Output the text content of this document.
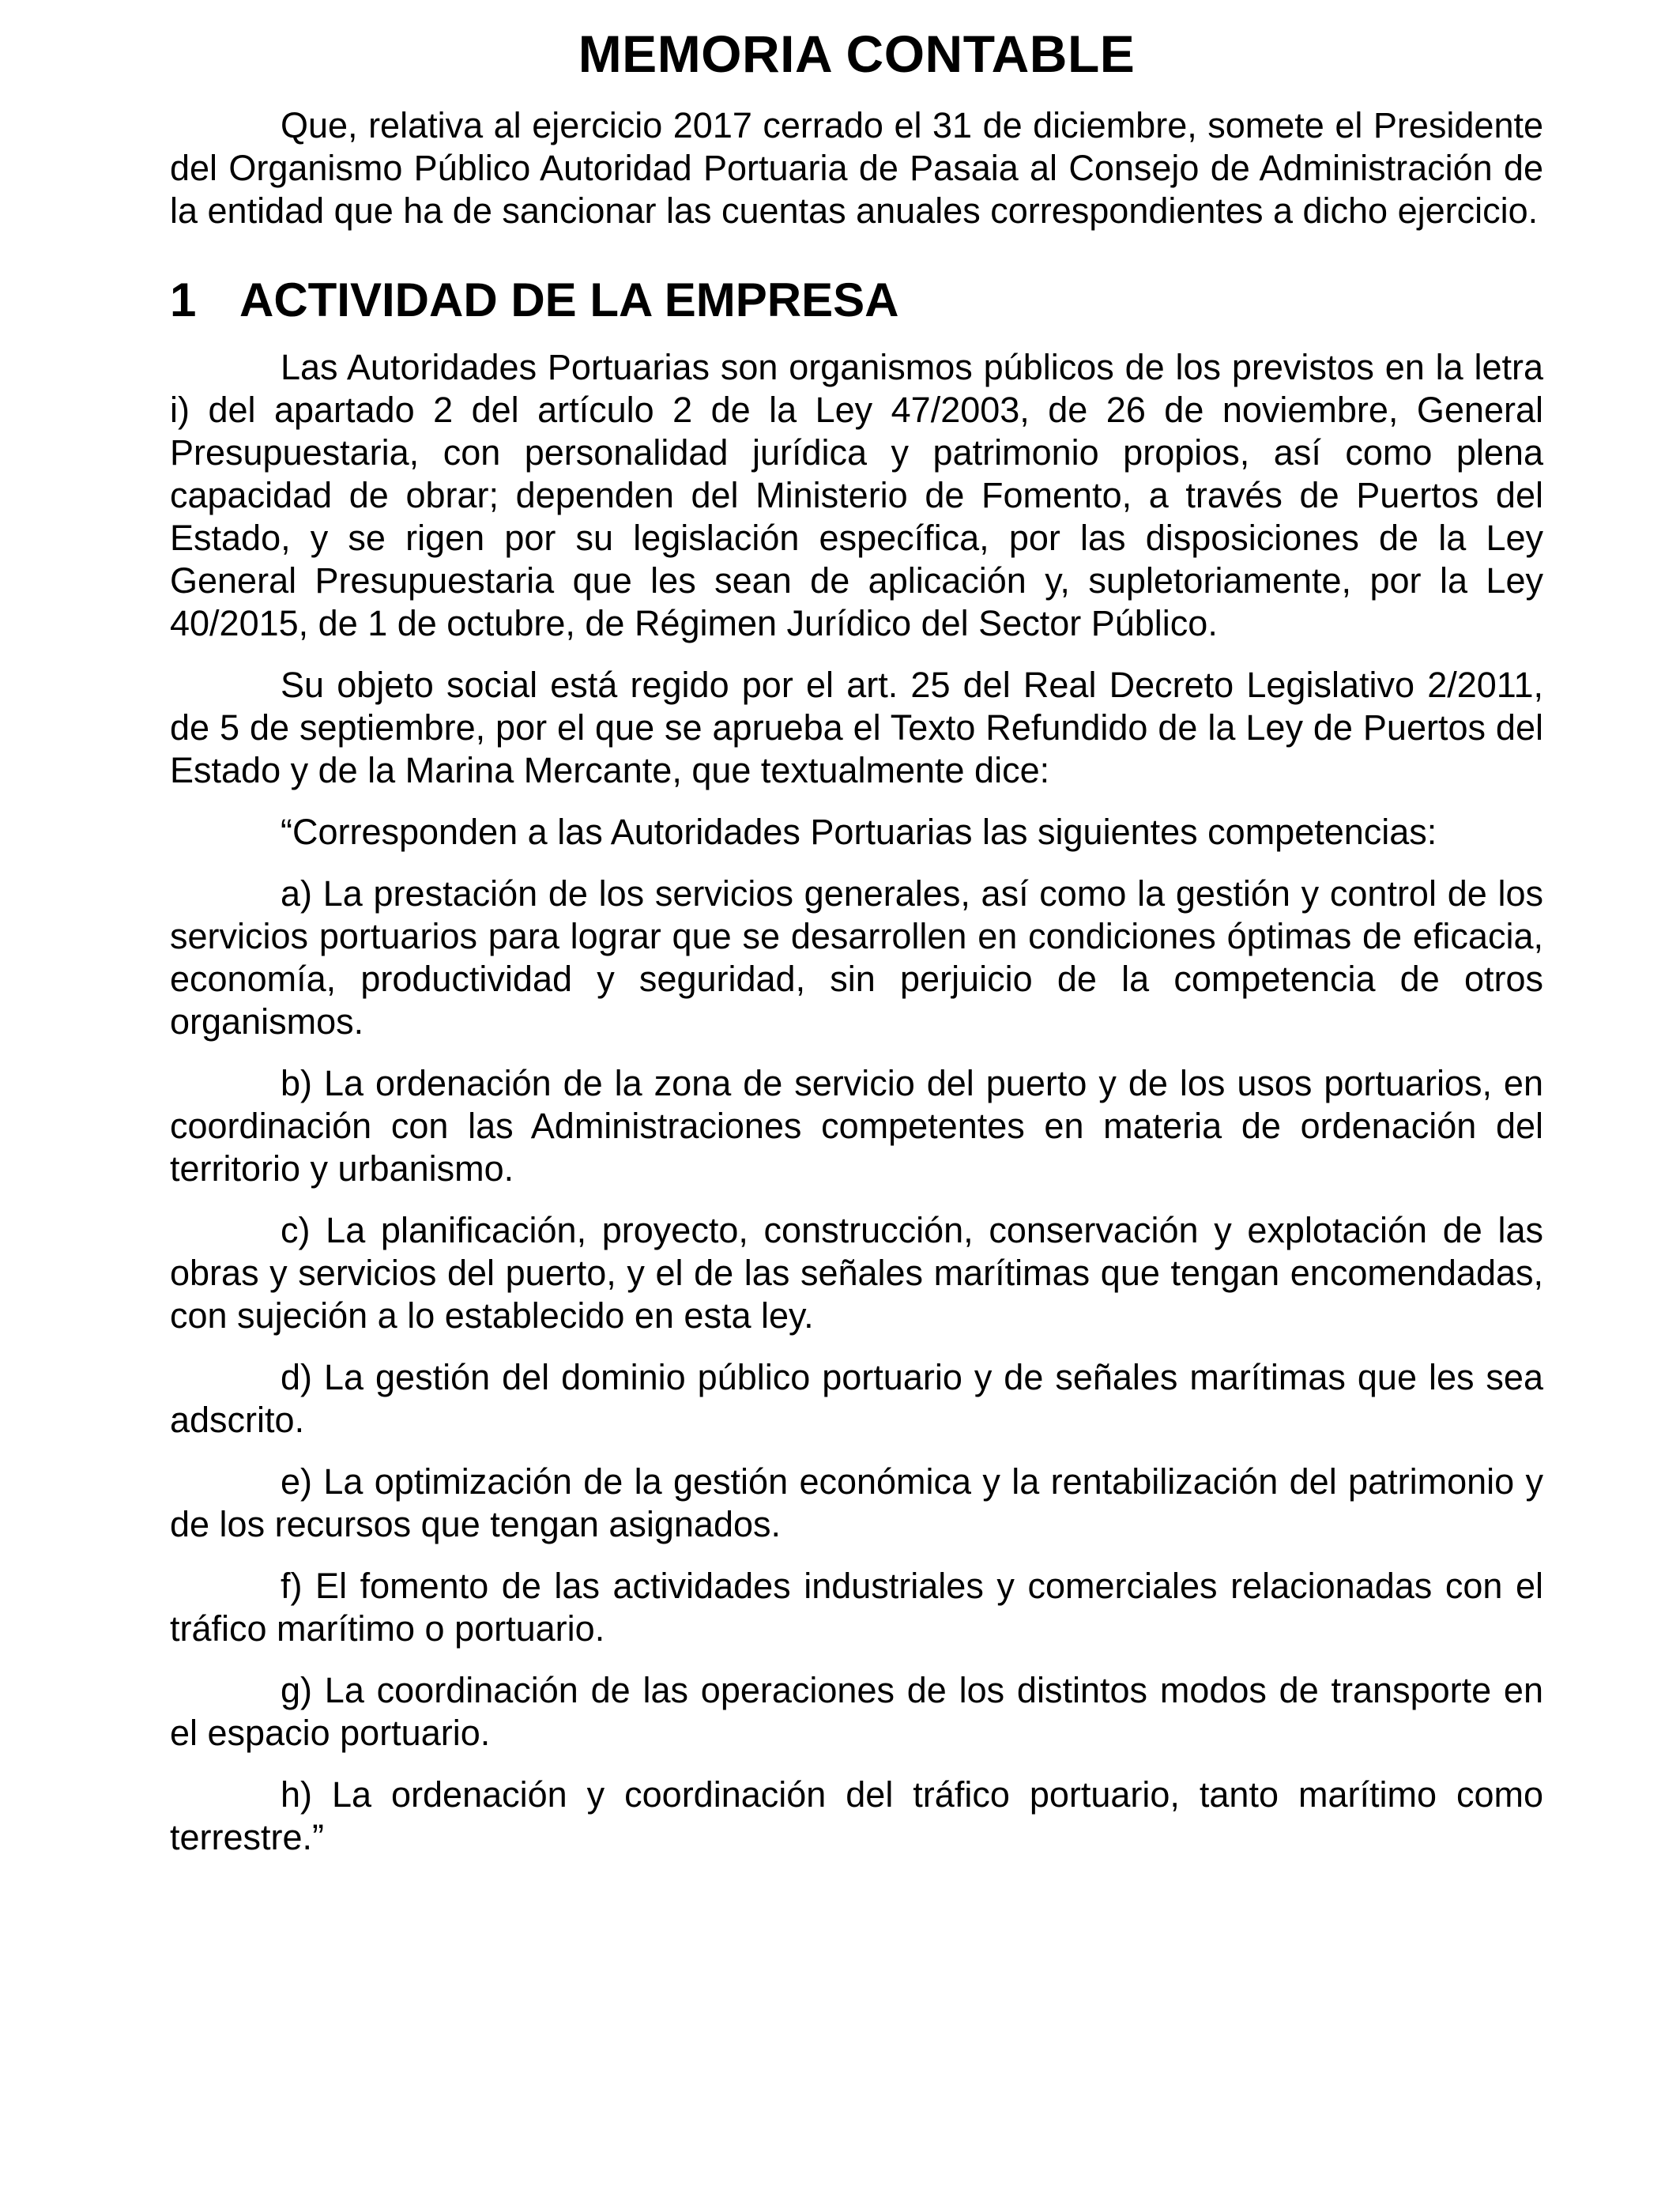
MEMORIA CONTABLE

Que, relativa al ejercicio 2017 cerrado el 31 de diciembre, somete el Presidente del Organismo Público Autoridad Portuaria de Pasaia al Consejo de Administración de la entidad que ha de sancionar las cuentas anuales correspondientes a dicho ejercicio.

1 ACTIVIDAD DE LA EMPRESA

Las Autoridades Portuarias son organismos públicos de los previstos en la letra i) del apartado 2 del artículo 2 de la Ley 47/2003, de 26 de noviembre, General Presupuestaria, con personalidad jurídica y patrimonio propios, así como plena capacidad de obrar; dependen del Ministerio de Fomento, a través de Puertos del Estado, y se rigen por su legislación específica, por las disposiciones de la Ley General Presupuestaria que les sean de aplicación y, supletoriamente, por la Ley 40/2015, de 1 de octubre, de Régimen Jurídico del Sector Público.

Su objeto social está regido por el art. 25 del Real Decreto Legislativo 2/2011, de 5 de septiembre, por el que se aprueba el Texto Refundido de la Ley de Puertos del Estado y de la Marina Mercante, que textualmente dice:

“Corresponden a las Autoridades Portuarias las siguientes competencias:

a) La prestación de los servicios generales, así como la gestión y control de los servicios portuarios para lograr que se desarrollen en condiciones óptimas de eficacia, economía, productividad y seguridad, sin perjuicio de la competencia de otros organismos.

b) La ordenación de la zona de servicio del puerto y de los usos portuarios, en coordinación con las Administraciones competentes en materia de ordenación del territorio y urbanismo.

c) La planificación, proyecto, construcción, conservación y explotación de las obras y servicios del puerto, y el de las señales marítimas que tengan encomendadas, con sujeción a lo establecido en esta ley.

d) La gestión del dominio público portuario y de señales marítimas que les sea adscrito.

e) La optimización de la gestión económica y la rentabilización del patrimonio y de los recursos que tengan asignados.

f) El fomento de las actividades industriales y comerciales relacionadas con el tráfico marítimo o portuario.

g) La coordinación de las operaciones de los distintos modos de transporte en el espacio portuario.

h) La ordenación y coordinación del tráfico portuario, tanto marítimo como terrestre.”
